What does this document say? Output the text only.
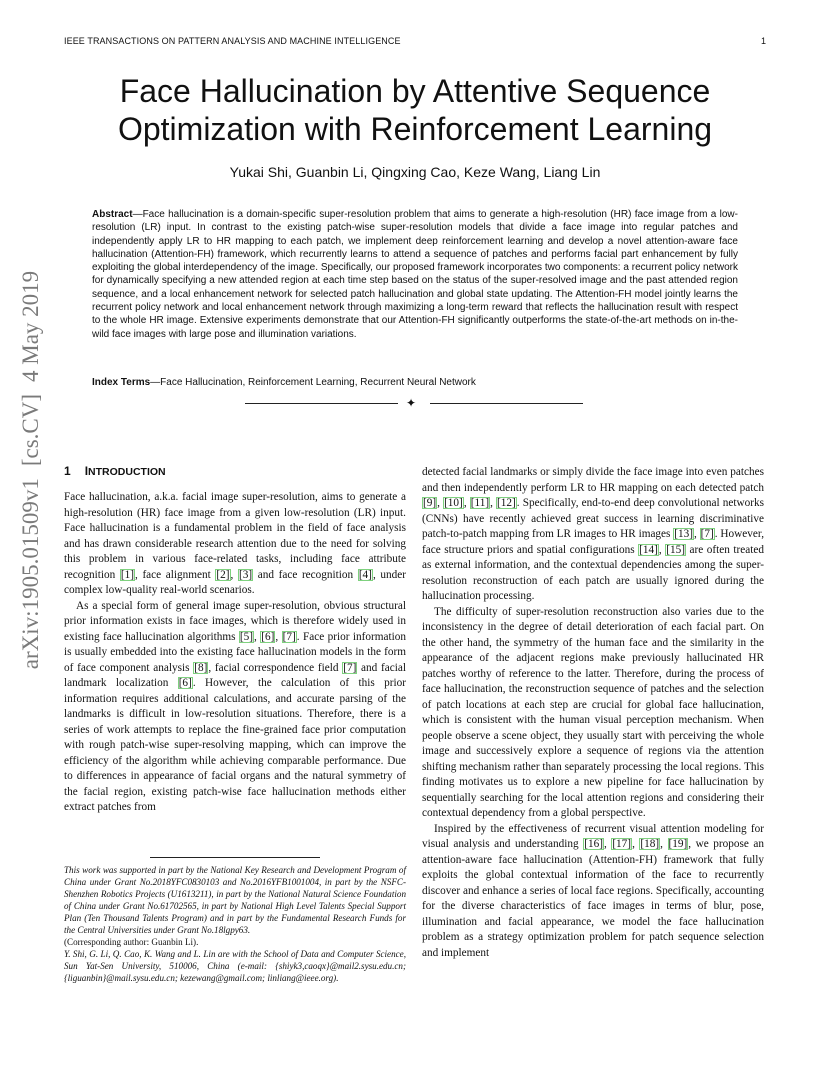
IEEE TRANSACTIONS ON PATTERN ANALYSIS AND MACHINE INTELLIGENCE	1
arXiv:1905.01509v1
[cs.CV]
4 May 2019
Face Hallucination by Attentive Sequence
Optimization with Reinforcement Learning
Yukai Shi, Guanbin Li, Qingxing Cao, Keze Wang, Liang Lin
Abstract—Face hallucination is a domain-specific super-resolution problem that aims to generate a high-resolution (HR) face image from a low-resolution (LR) input. In contrast to the existing patch-wise super-resolution models that divide a face image into regular patches and independently apply LR to HR mapping to each patch, we implement deep reinforcement learning and develop a novel attention-aware face hallucination (Attention-FH) framework, which recurrently learns to attend a sequence of patches and performs facial part enhancement by fully exploiting the global interdependency of the image. Specifically, our proposed framework incorporates two components: a recurrent policy network for dynamically specifying a new attended region at each time step based on the status of the super-resolved image and the past attended region sequence, and a local enhancement network for selected patch hallucination and global state updating. The Attention-FH model jointly learns the recurrent policy network and local enhancement network through maximizing a long-term reward that reflects the hallucination result with respect to the whole HR image. Extensive experiments demonstrate that our Attention-FH significantly outperforms the state-of-the-art methods on in-the-wild face images with large pose and illumination variations.
Index Terms—Face Hallucination, Reinforcement Learning, Recurrent Neural Network
✦
1 INTRODUCTION

Face hallucination, a.k.a. facial image super-resolution, aims to generate a high-resolution (HR) face image from a given low-resolution (LR) input. Face hallucination is a fundamental problem in the field of face analysis and has drawn considerable research attention due to the need for solving this problem in various face-related tasks, including face attribute recognition [1], face alignment [2], [3] and face recognition [4], under complex low-quality real-world scenarios.

As a special form of general image super-resolution, obvious structural prior information exists in face images, which is therefore widely used in existing face hallucination algorithms [5], [6], [7]. Face prior information is usually embedded into the existing face hallucination models in the form of face component analysis [8], facial correspondence field [7] and facial landmark localization [6]. However, the calculation of this prior information requires additional calculations, and accurate parsing of the landmarks is difficult in low-resolution situations. Therefore, there is a series of work attempts to replace the fine-grained face prior computation with rough patch-wise super-resolving mapping, which can improve the efficiency of the algorithm while achieving comparable performance. Due to differences in appearance of facial organs and the natural symmetry of the facial region, existing patch-wise face hallucination methods either extract patches from

This work was supported in part by the National Key Research and Development Program of China under Grant No.2018YFC0830103 and No.2016YFB1001004, in part by the NSFC-Shenzhen Robotics Projects (U1613211), in part by the National Natural Science Foundation of China under Grant No.61702565, in part by National High Level Talents Special Support Plan (Ten Thousand Talents Program) and in part by the Fundamental Research Funds for the Central Universities under Grant No.18lgpy63.

(Corresponding author: Guanbin Li).

Y. Shi, G. Li, Q. Cao, K. Wang and L. Lin are with the School of Data and Computer Science, Sun Yat-Sen University, 510006, China (e-mail: {shiyk3,caoqx}@mail2.sysu.edu.cn; {liguanbin}@mail.sysu.edu.cn; kezewang@gmail.com; linliang@ieee.org).

detected facial landmarks or simply divide the face image into even patches and then independently perform LR to HR mapping on each detected patch [9], [10], [11], [12]. Specifically, end-to-end deep convolutional networks (CNNs) have recently achieved great success in learning discriminative patch-to-patch mapping from LR images to HR images [13], [7]. However, face structure priors and spatial configurations [14], [15] are often treated as external information, and the contextual dependencies among the super-resolution reconstruction of each patch are usually ignored during the hallucination processing.

The difficulty of super-resolution reconstruction also varies due to the inconsistency in the degree of detail deterioration of each facial part. On the other hand, the symmetry of the human face and the similarity in the appearance of the adjacent regions make previously hallucinated HR patches worthy of reference to the latter. Therefore, during the process of face hallucination, the reconstruction sequence of patches and the selection of patch locations at each step are crucial for global face hallucination, which is consistent with the human visual perception mechanism. When people observe a scene object, they usually start with perceiving the whole image and successively explore a sequence of regions via the attention shifting mechanism rather than separately processing the local regions. This finding motivates us to explore a new pipeline for face hallucination by sequentially searching for the local attention regions and considering their contextual dependency from a global perspective.

Inspired by the effectiveness of recurrent visual attention modeling for visual analysis and understanding [16], [17], [18], [19], we propose an attention-aware face hallucination (Attention-FH) framework that fully exploits the global contextual information of the face to recurrently discover and enhance a series of local face regions. Specifically, accounting for the diverse characteristics of face images in terms of blur, pose, illumination and facial appearance, we model the face hallucination problem as a strategy optimization problem for patch sequence selection and implement
